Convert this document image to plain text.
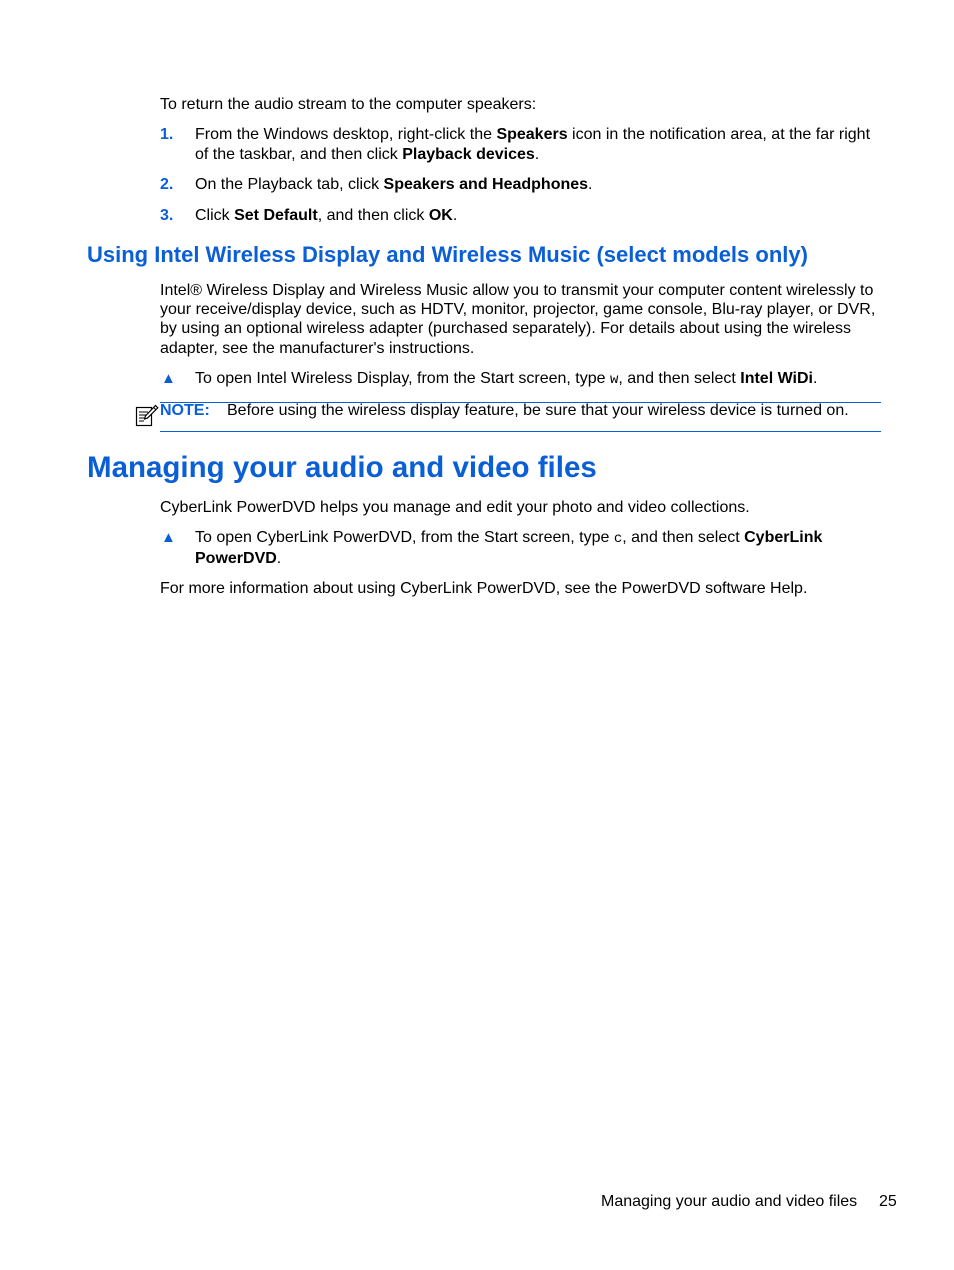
To return the audio stream to the computer speakers:
1. From the Windows desktop, right-click the Speakers icon in the notification area, at the far right
of the taskbar, and then click Playback devices.
2. On the Playback tab, click Speakers and Headphones.
3. Click Set Default, and then click OK.
Using Intel Wireless Display and Wireless Music (select models only)
Intel® Wireless Display and Wireless Music allow you to transmit your computer content wirelessly to
your receive/display device, such as HDTV, monitor, projector, game console, Blu-ray player, or DVR,
by using an optional wireless adapter (purchased separately). For details about using the wireless
adapter, see the manufacturer's instructions.
▲ To open Intel Wireless Display, from the Start screen, type w, and then select Intel WiDi.
NOTE: Before using the wireless display feature, be sure that your wireless device is turned on.
Managing your audio and video files
CyberLink PowerDVD helps you manage and edit your photo and video collections.
▲ To open CyberLink PowerDVD, from the Start screen, type c, and then select CyberLink
PowerDVD.
For more information about using CyberLink PowerDVD, see the PowerDVD software Help.
Managing your audio and video files 25
